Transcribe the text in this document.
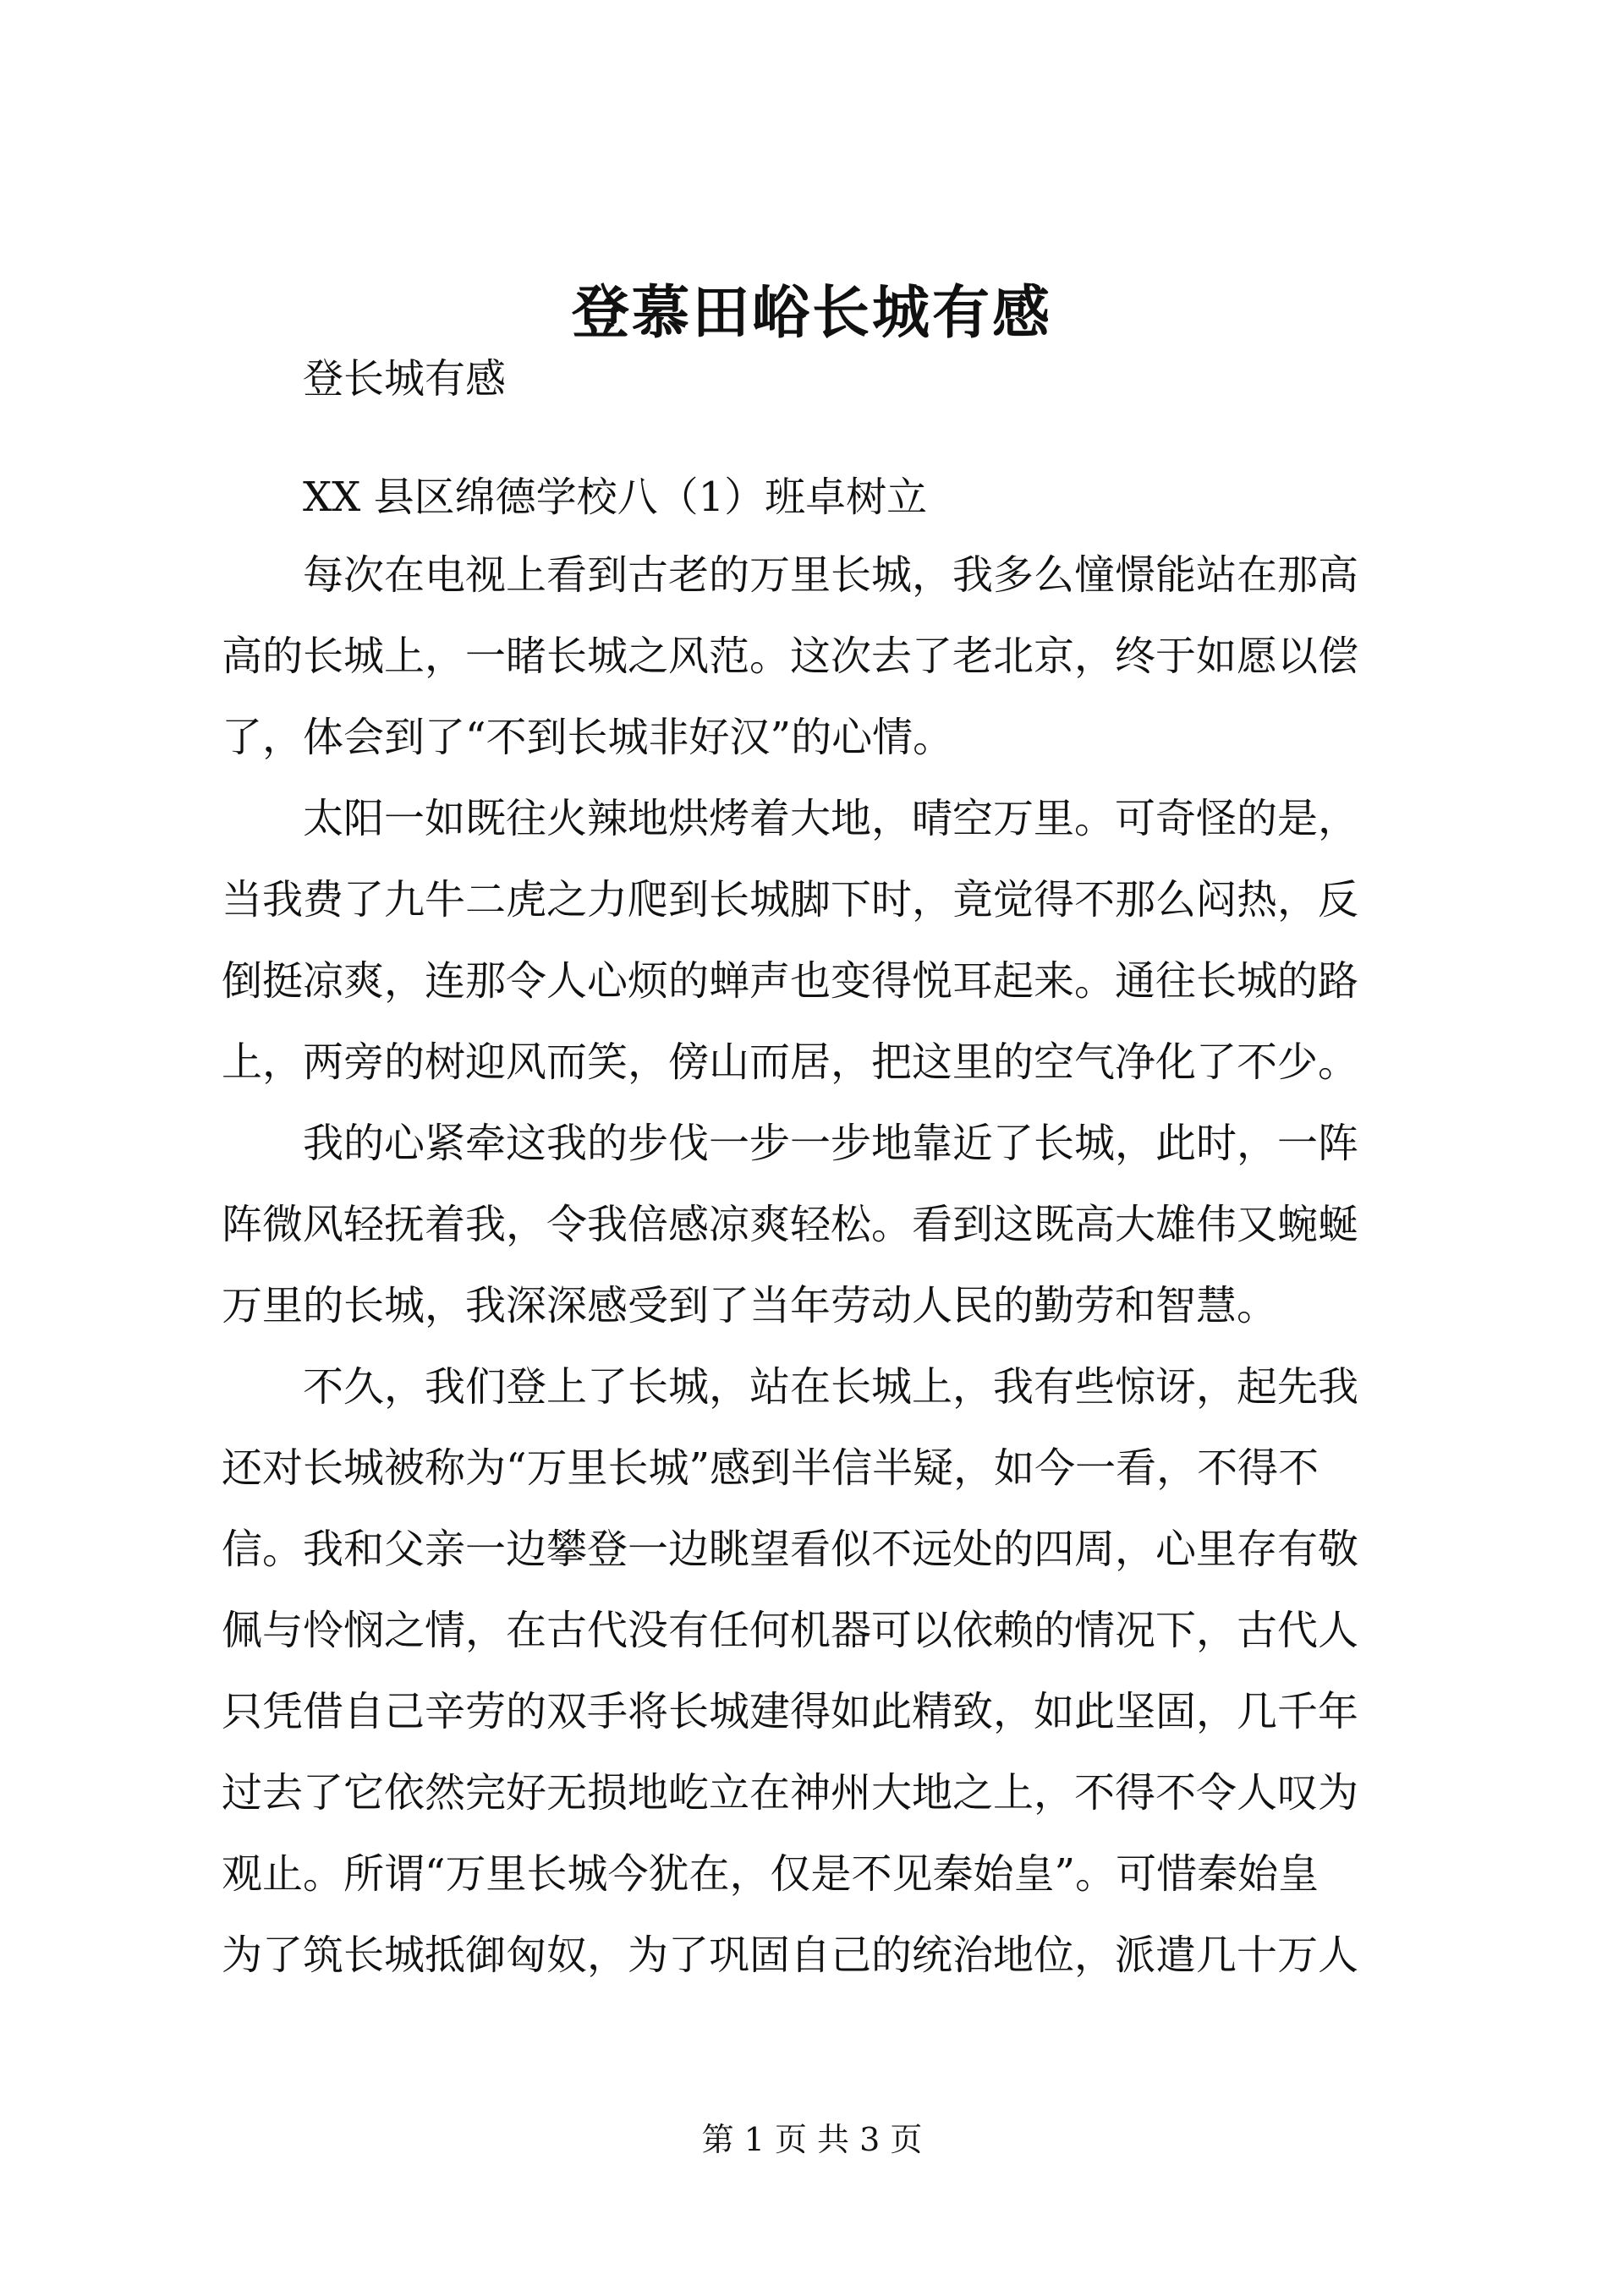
登慕田峪长城有感
登长城有感
XX 县区绵德学校八（1）班卓树立
每次在电视上看到古老的万里长城，我多么憧憬能站在那高
高的长城上，一睹长城之风范。这次去了老北京，终于如愿以偿
了，体会到了“不到长城非好汉”的心情。
太阳一如既往火辣地烘烤着大地，晴空万里。可奇怪的是，
当我费了九牛二虎之力爬到长城脚下时，竟觉得不那么闷热，反
倒挺凉爽，连那令人心烦的蝉声也变得悦耳起来。通往长城的路
上，两旁的树迎风而笑，傍山而居，把这里的空气净化了不少。
我的心紧牵这我的步伐一步一步地靠近了长城，此时，一阵
阵微风轻抚着我，令我倍感凉爽轻松。看到这既高大雄伟又蜿蜒
万里的长城，我深深感受到了当年劳动人民的勤劳和智慧。
不久，我们登上了长城，站在长城上，我有些惊讶，起先我
还对长城被称为“万里长城”感到半信半疑，如今一看，不得不
信。我和父亲一边攀登一边眺望看似不远处的四周，心里存有敬
佩与怜悯之情，在古代没有任何机器可以依赖的情况下，古代人
只凭借自己辛劳的双手将长城建得如此精致，如此坚固，几千年
过去了它依然完好无损地屹立在神州大地之上，不得不令人叹为
观止。所谓“万里长城今犹在，仅是不见秦始皇”。可惜秦始皇
为了筑长城抵御匈奴，为了巩固自己的统治地位，派遣几十万人
第 1 页 共 3 页
